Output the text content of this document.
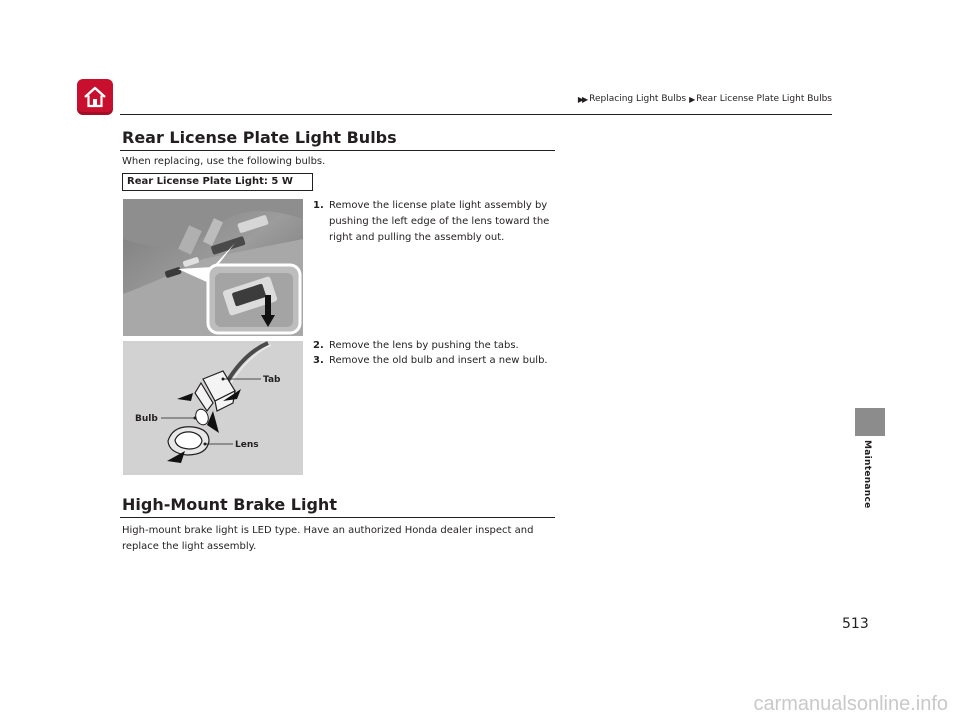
▶▶ Replacing Light Bulbs ▶ Rear License Plate Light Bulbs
Rear License Plate Light Bulbs
When replacing, use the following bulbs.
Rear License Plate Light: 5 W
Tab
Bulb
Lens
1. Remove the license plate light assembly by
pushing the left edge of the lens toward the
right and pulling the assembly out.
2. Remove the lens by pushing the tabs.
3. Remove the old bulb and insert a new bulb.
High-Mount Brake Light
High-mount brake light is LED type. Have an authorized Honda dealer inspect and
replace the light assembly.
Maintenance
513
carmanualsonline.info
